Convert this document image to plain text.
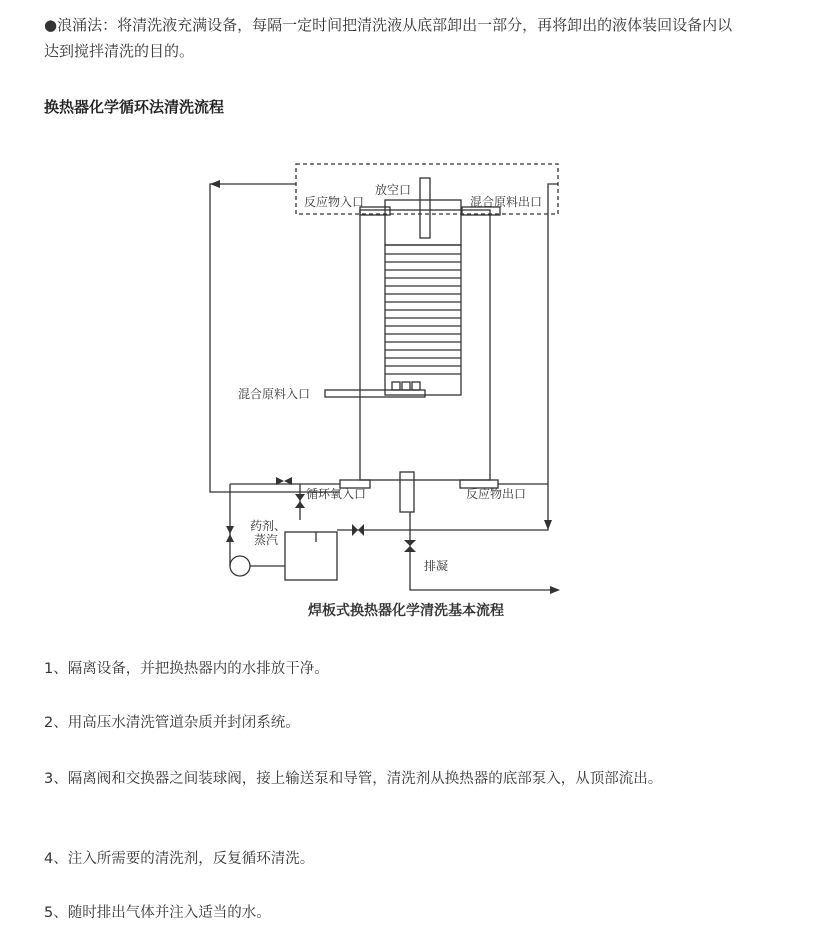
●浪涌法：将清洗液充满设备，每隔一定时间把清洗液从底部卸出一部分，再将卸出的液体装回设备内以达到搅拌清洗的目的。
换热器化学循环法清洗流程
放空口
反应物入口	混合原料出口
混合原料入口
循环氧入口	反应物出口
药剂、
蒸汽
排凝
焊板式换热器化学清洗基本流程
1、隔离设备，并把换热器内的水排放干净。
2、用高压水清洗管道杂质并封闭系统。
3、隔离阀和交换器之间装球阀，接上输送泵和导管，清洗剂从换热器的底部泵入，从顶部流出。
4、注入所需要的清洗剂，反复循环清洗。
5、随时排出气体并注入适当的水。
